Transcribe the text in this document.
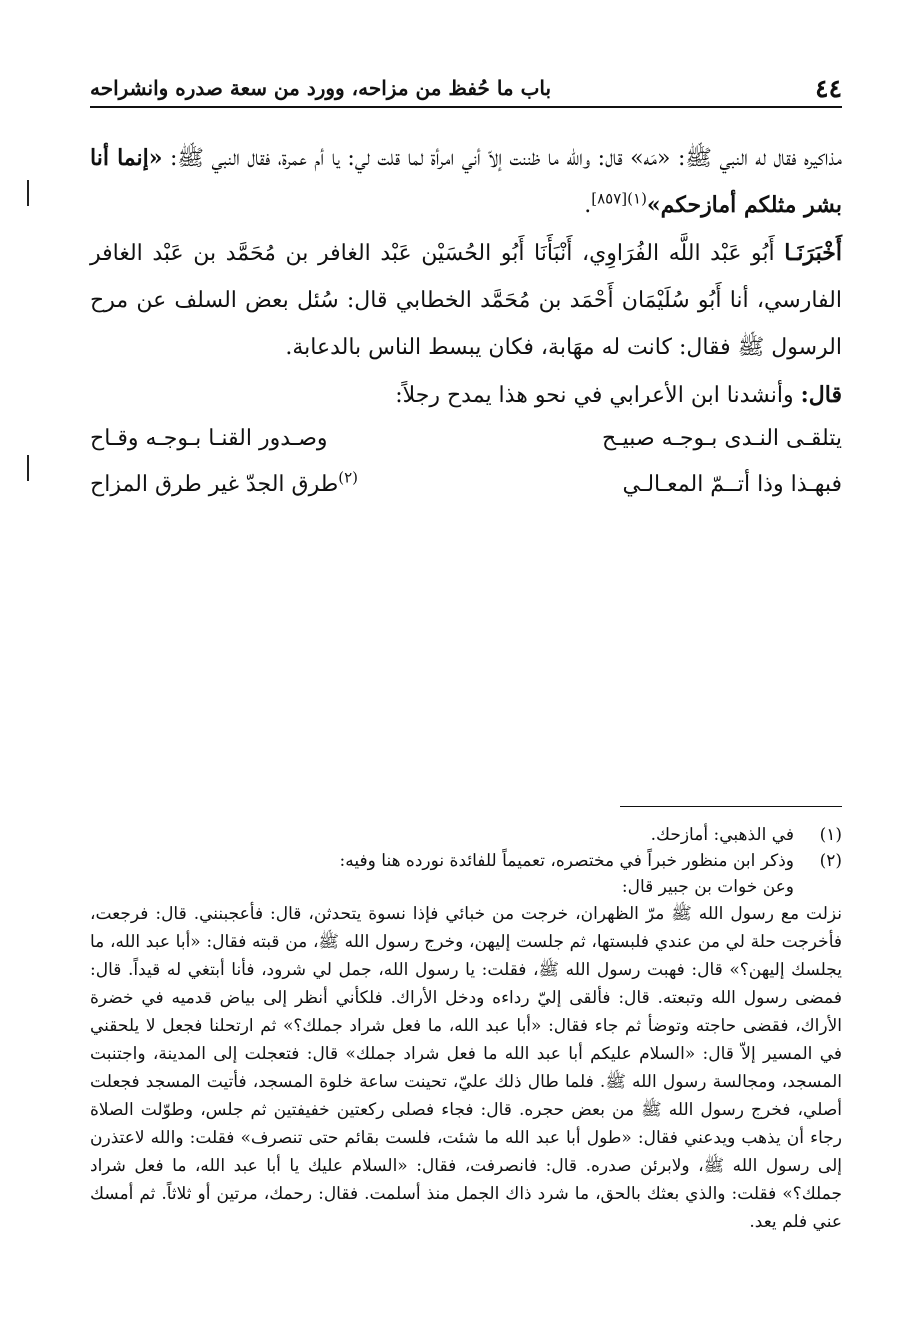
٤٤
باب ما حُفظ من مزاحه، وورد من سعة صدره وانشراحه

مذاكيره فقال له النبي ﷺ: «مَه» قال: والله ما ظننت إلاّ أني امرأة لما قلت لي: يا أم عمرة، فقال النبي ﷺ: «إنما أنا بشر مثلكم أمازحكم»$^{(١)[٨٥٧]}$.

أَخْبَرَنَـا أَبُو عَبْد اللَّه الفُرَاوِي، أَنْبَأَنَا أَبُو الحُسَيْن عَبْد الغافر بن مُحَمَّد بن عَبْد الغافر الفارسي، أنا أَبُو سُلَيْمَان أَحْمَد بن مُحَمَّد الخطابي قال: سُئل بعض السلف عن مرح الرسول ﷺ فقال: كانت له مهَابة، فكان يبسط الناس بالدعابة.

قال: وأنشدنا ابن الأعرابي في نحو هذا يمدح رجلاً:

يتلقـى النـدى بـوجـه صبيـح
وصـدور القنـا بـوجـه وقـاح
فبهـذا وذا أتــمّ المعـالـي
$^{(٢)}$طرق الجدّ غير طرق المزاح
(١)

في الذهبي: أمازحك.

(٢)

وذكر ابن منظور خبراً في مختصره، تعميماً للفائدة نورده هنا وفيه:

وعن خوات بن جبير قال:

نزلت مع رسول الله ﷺ مرّ الظهران، خرجت من خبائي فإذا نسوة يتحدثن، قال: فأعجبنني. قال: فرجعت، فأخرجت حلة لي من عندي فلبستها، ثم جلست إليهن، وخرج رسول الله ﷺ، من قبته فقال: «أبا عبد الله، ما يجلسك إليهن؟» قال: فهبت رسول الله ﷺ، فقلت: يا رسول الله، جمل لي شرود، فأنا أبتغي له قيداً. قال: فمضى رسول الله وتبعته. قال: فألقى إليّ رداءه ودخل الأراك. فلكأني أنظر إلى بياض قدميه في خضرة الأراك، فقضى حاجته وتوضأ ثم جاء فقال: «أبا عبد الله، ما فعل شراد جملك؟» ثم ارتحلنا فجعل لا يلحقني في المسير إلاّ قال: «السلام عليكم أبا عبد الله ما فعل شراد جملك» قال: فتعجلت إلى المدينة، واجتنبت المسجد، ومجالسة رسول الله ﷺ. فلما طال ذلك عليّ، تحينت ساعة خلوة المسجد، فأتيت المسجد فجعلت أصلي، فخرج رسول الله ﷺ من بعض حجره. قال: فجاء فصلى ركعتين خفيفتين ثم جلس، وطوّلت الصلاة رجاء أن يذهب ويدعني فقال: «طول أبا عبد الله ما شئت، فلست بقائم حتى تنصرف» فقلت: والله لاعتذرن إلى رسول الله ﷺ، ولابرئن صدره. قال: فانصرفت، فقال: «السلام عليك يا أبا عبد الله، ما فعل شراد جملك؟» فقلت: والذي بعثك بالحق، ما شرد ذاك الجمل منذ أسلمت. فقال: رحمك، مرتين أو ثلاثاً. ثم أمسك عني فلم يعد.
